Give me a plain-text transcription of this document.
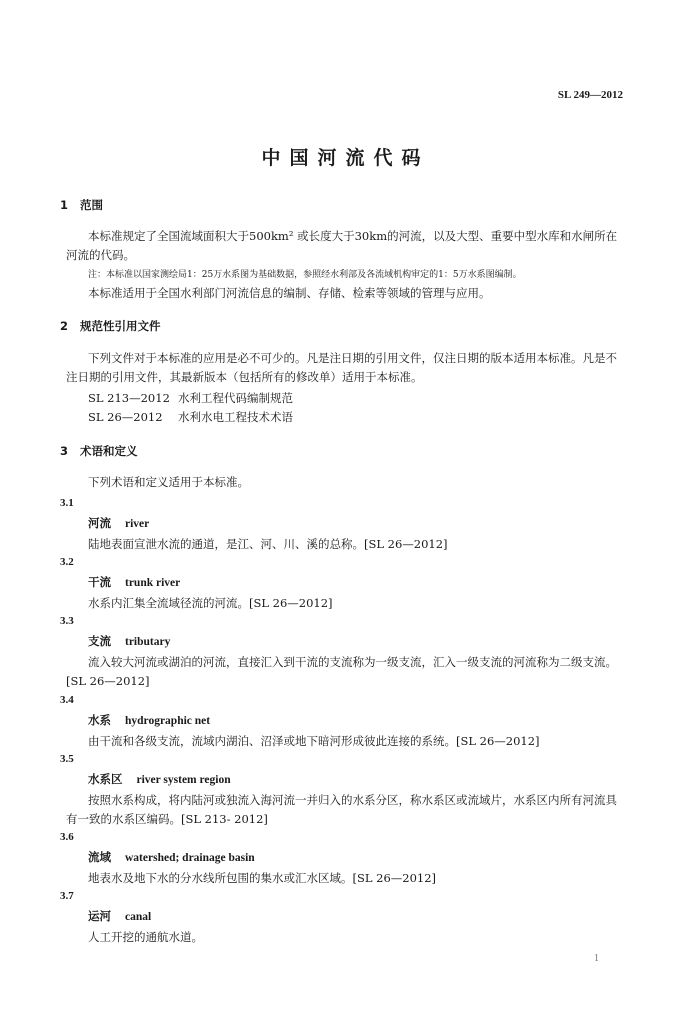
SL 249—2012
中国河流代码
1 范围
本标准规定了全国流域面积大于500km² 或长度大于30km的河流，以及大型、重要中型水库和水闸所在河流的代码。
注：本标准以国家测绘局1：25万水系图为基础数据，参照经水利部及各流域机构审定的1：5万水系图编制。
本标准适用于全国水利部门河流信息的编制、存储、检索等领域的管理与应用。
2 规范性引用文件
下列文件对于本标准的应用是必不可少的。凡是注日期的引用文件，仅注日期的版本适用本标准。凡是不注日期的引用文件，其最新版本（包括所有的修改单）适用于本标准。
SL 213—2012 水利工程代码编制规范
SL 26—2012 水利水电工程技术术语
3 术语和定义
下列术语和定义适用于本标准。
3.1
河流 river
陆地表面宣泄水流的通道，是江、河、川、溪的总称。[SL 26—2012]
3.2
干流 trunk river
水系内汇集全流域径流的河流。[SL 26—2012]
3.3
支流 tributary
流入较大河流或湖泊的河流，直接汇入到干流的支流称为一级支流，汇入一级支流的河流称为二级支流。[SL 26—2012]
3.4
水系 hydrographic net
由干流和各级支流，流域内湖泊、沼泽或地下暗河形成彼此连接的系统。[SL 26—2012]
3.5
水系区 river system region
按照水系构成，将内陆河或独流入海河流一并归入的水系分区，称水系区或流域片，水系区内所有河流具有一致的水系区编码。[SL 213- 2012]
3.6
流域 watershed; drainage basin
地表水及地下水的分水线所包围的集水或汇水区域。[SL 26—2012]
3.7
运河 canal
人工开挖的通航水道。
1
